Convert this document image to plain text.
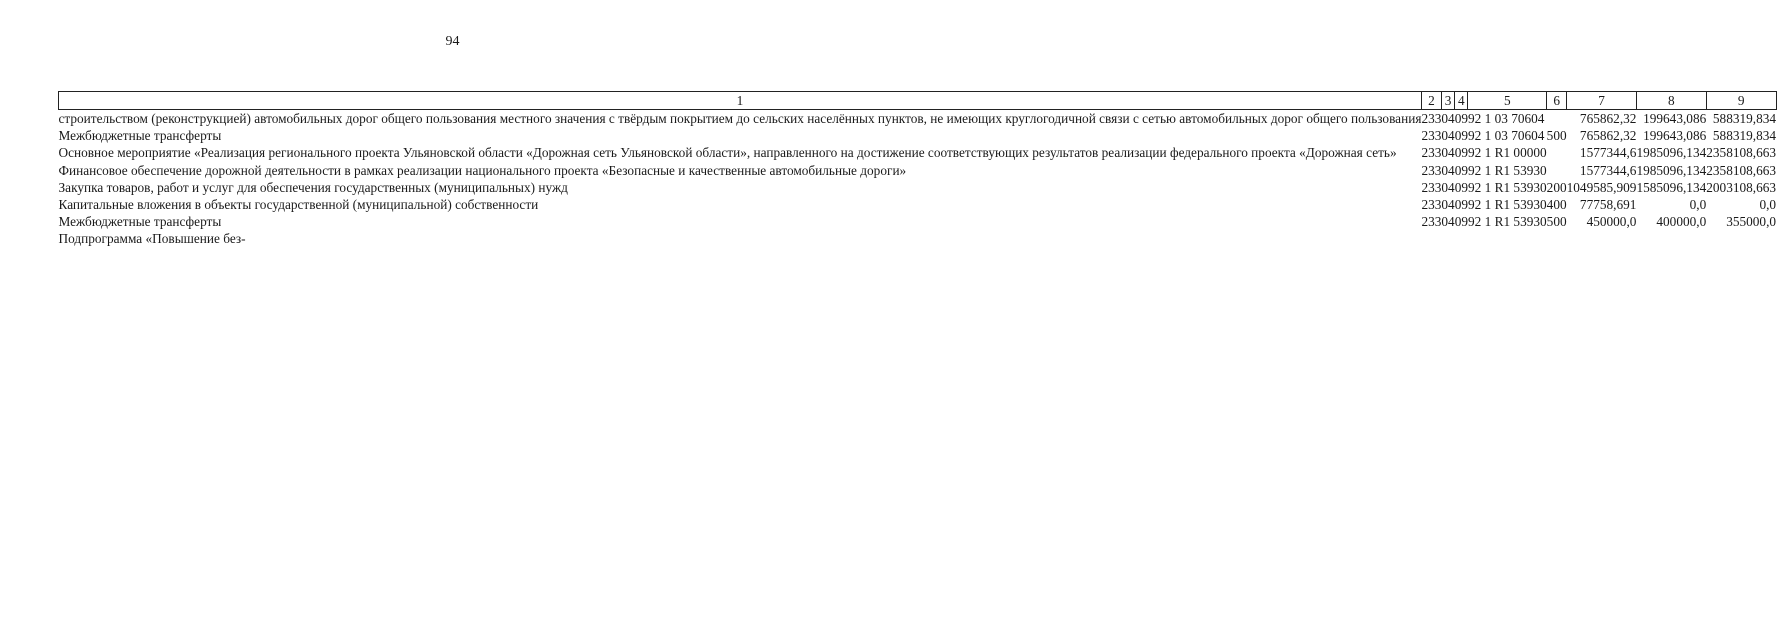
94
1	2	3	4	5	6	7	8	9
строительством (реконструкцией) автомобильных дорог общего пользования местного значения с твёрдым покрытием до сельских населённых пунктов, не имеющих круглогодичной связи с сетью автомобильных дорог общего пользования	233	04	09	92 1 03 70604		765862,32	199643,086	588319,834
Межбюджетные трансферты	233	04	09	92 1 03 70604	500	765862,32	199643,086	588319,834
Основное мероприятие «Реализация регионального проекта Ульяновской области «Дорожная сеть Ульяновской области», направленного на достижение соответствующих результатов реализации федерального проекта «Дорожная сеть»	233	04	09	92 1 R1 00000		1577344,6	1985096,134	2358108,663
Финансовое обеспечение дорожной деятельности в рамках реализации национального проекта «Безопасные и качественные автомобильные дороги»	233	04	09	92 1 R1 53930		1577344,6	1985096,134	2358108,663
Закупка товаров, работ и услуг для обеспечения государственных (муниципальных) нужд	233	04	09	92 1 R1 53930	200	1049585,909	1585096,134	2003108,663
Капитальные вложения в объекты государственной (муниципальной) собственности	233	04	09	92 1 R1 53930	400	77758,691	0,0	0,0
Межбюджетные трансферты	233	04	09	92 1 R1 53930	500	450000,0	400000,0	355000,0
Подпрограмма «Повышение без-								
